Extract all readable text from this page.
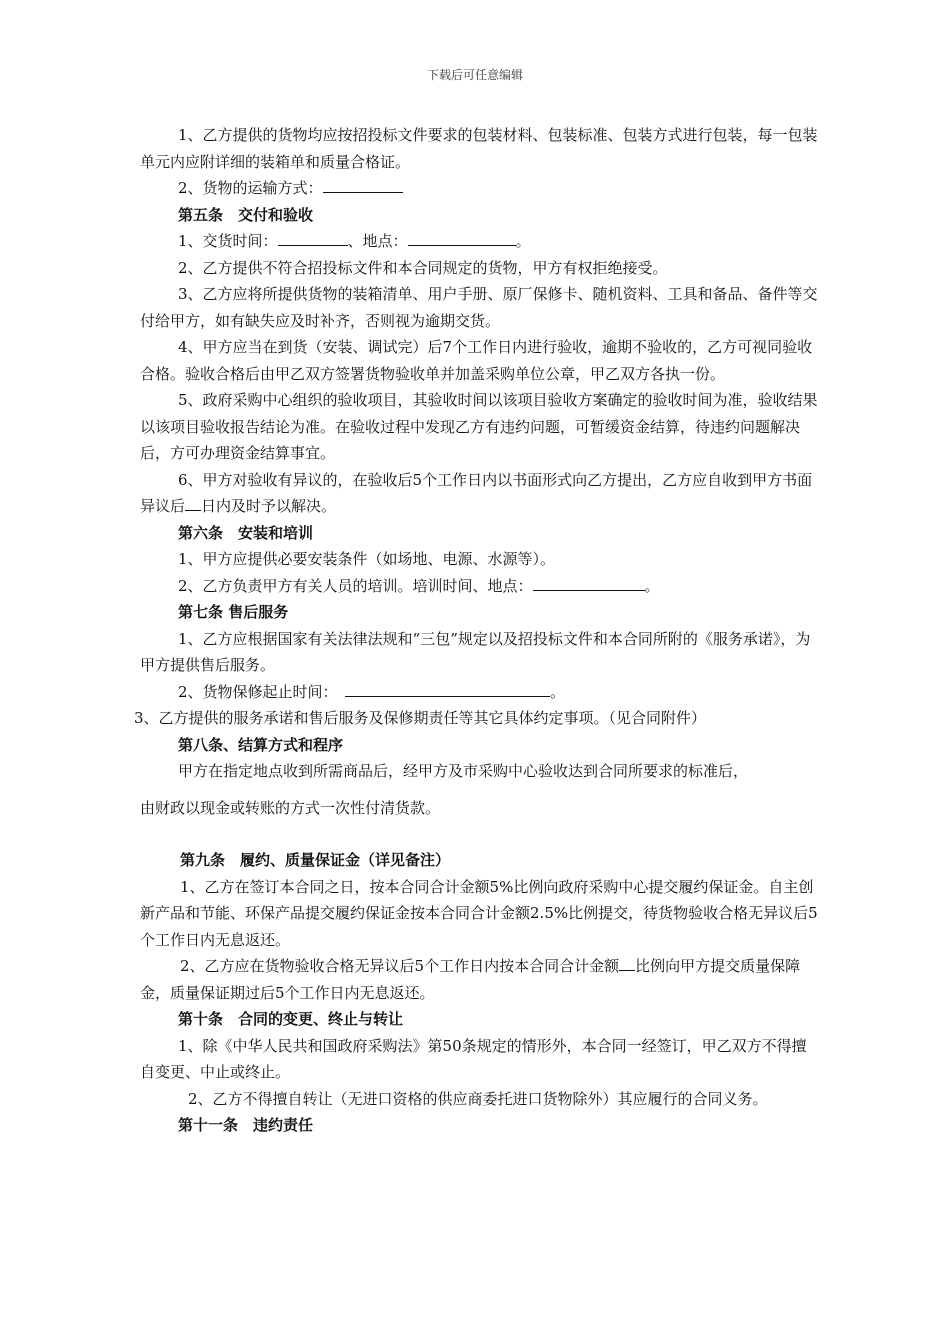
下载后可任意编辑

1、乙方提供的货物均应按招投标文件要求的包装材料、包装标准、包装方式进行包装，每一包装单元内应附详细的装箱单和质量合格证。

2、货物的运输方式：

第五条　交付和验收

1、交货时间：	、地点：	。

2、乙方提供不符合招投标文件和本合同规定的货物，甲方有权拒绝接受。

3、乙方应将所提供货物的装箱清单、用户手册、原厂保修卡、随机资料、工具和备品、备件等交付给甲方，如有缺失应及时补齐，否则视为逾期交货。

4、甲方应当在到货（安装、调试完）后7个工作日内进行验收，逾期不验收的，乙方可视同验收合格。验收合格后由甲乙双方签署货物验收单并加盖采购单位公章，甲乙双方各执一份。

5、政府采购中心组织的验收项目，其验收时间以该项目验收方案确定的验收时间为准，验收结果以该项目验收报告结论为准。在验收过程中发现乙方有违约问题，可暂缓资金结算，待违约问题解决后，方可办理资金结算事宜。

6、甲方对验收有异议的，在验收后5个工作日内以书面形式向乙方提出，乙方应自收到甲方书面异议后 日内及时予以解决。

第六条　安装和培训

1、甲方应提供必要安装条件（如场地、电源、水源等）。

2、乙方负责甲方有关人员的培训。培训时间、地点：	。

第七条 售后服务

1、乙方应根据国家有关法律法规和“三包”规定以及招投标文件和本合同所附的《服务承诺》，为甲方提供售后服务。

2、货物保修起止时间：　	。

3、乙方提供的服务承诺和售后服务及保修期责任等其它具体约定事项。（见合同附件）

第八条、结算方式和程序

甲方在指定地点收到所需商品后，经甲方及市采购中心验收达到合同所要求的标准后，

由财政以现金或转账的方式一次性付清货款。

第九条　履约、质量保证金（详见备注）

1、乙方在签订本合同之日，按本合同合计金额5%比例向政府采购中心提交履约保证金。自主创新产品和节能、环保产品提交履约保证金按本合同合计金额2.5%比例提交，待货物验收合格无异议后5个工作日内无息返还。

2、乙方应在货物验收合格无异议后5个工作日内按本合同合计金额 比例向甲方提交质量保障金，质量保证期过后5个工作日内无息返还。

第十条　合同的变更、终止与转让

1、除《中华人民共和国政府采购法》第50条规定的情形外，本合同一经签订，甲乙双方不得擅自变更、中止或终止。

2、乙方不得擅自转让（无进口资格的供应商委托进口货物除外）其应履行的合同义务。

第十一条　违约责任
